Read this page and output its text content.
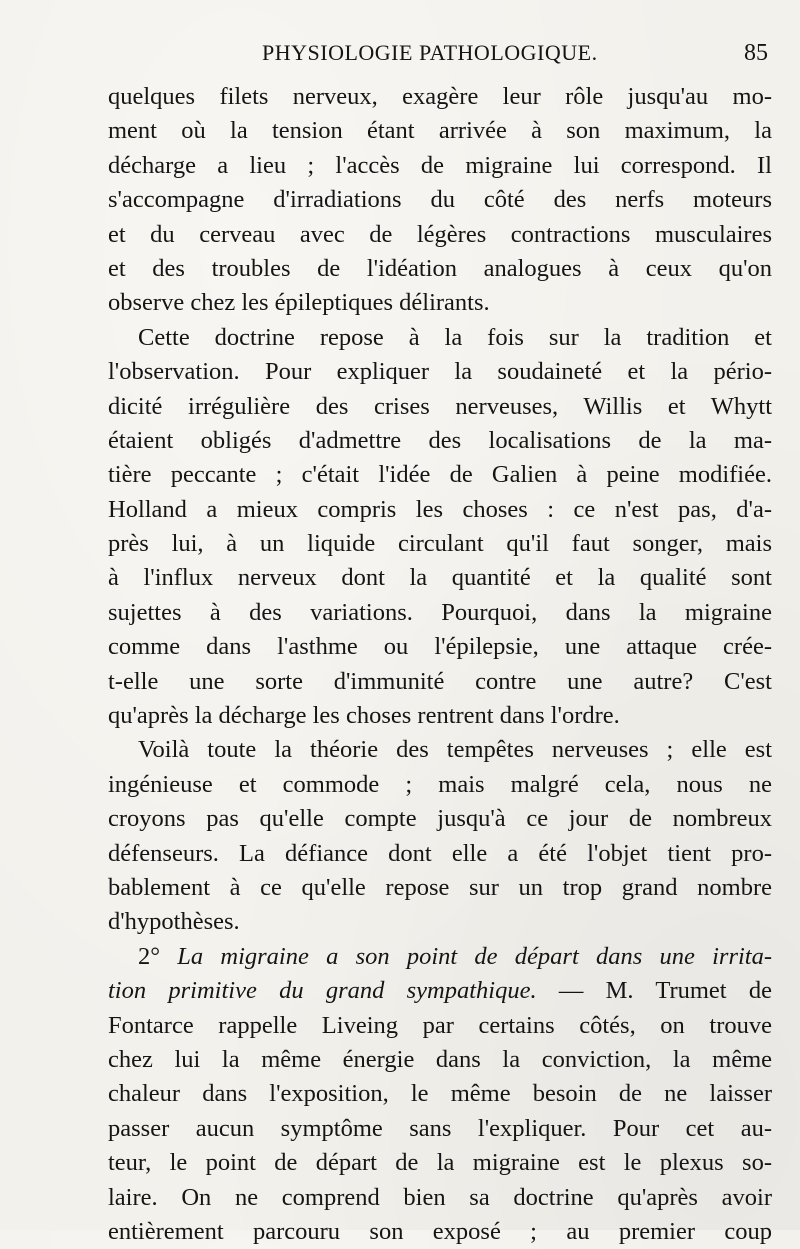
PHYSIOLOGIE PATHOLOGIQUE.	85
quelques filets nerveux, exagère leur rôle jusqu'au mo-
ment où la tension étant arrivée à son maximum, la
décharge a lieu ; l'accès de migraine lui correspond. Il
s'accompagne d'irradiations du côté des nerfs moteurs
et du cerveau avec de légères contractions musculaires
et des troubles de l'idéation analogues à ceux qu'on
observe chez les épileptiques délirants.
Cette doctrine repose à la fois sur la tradition et
l'observation. Pour expliquer la soudaineté et la pério-
dicité irrégulière des crises nerveuses, Willis et Whytt
étaient obligés d'admettre des localisations de la ma-
tière peccante ; c'était l'idée de Galien à peine modifiée.
Holland a mieux compris les choses : ce n'est pas, d'a-
près lui, à un liquide circulant qu'il faut songer, mais
à l'influx nerveux dont la quantité et la qualité sont
sujettes à des variations. Pourquoi, dans la migraine
comme dans l'asthme ou l'épilepsie, une attaque crée-
t-elle une sorte d'immunité contre une autre? C'est
qu'après la décharge les choses rentrent dans l'ordre.
Voilà toute la théorie des tempêtes nerveuses ; elle est
ingénieuse et commode ; mais malgré cela, nous ne
croyons pas qu'elle compte jusqu'à ce jour de nombreux
défenseurs. La défiance dont elle a été l'objet tient pro-
bablement à ce qu'elle repose sur un trop grand nombre
d'hypothèses.
2° La migraine a son point de départ dans une irrita-
tion primitive du grand sympathique. — M. Trumet de
Fontarce rappelle Liveing par certains côtés, on trouve
chez lui la même énergie dans la conviction, la même
chaleur dans l'exposition, le même besoin de ne laisser
passer aucun symptôme sans l'expliquer. Pour cet au-
teur, le point de départ de la migraine est le plexus so-
laire. On ne comprend bien sa doctrine qu'après avoir
entièrement parcouru son exposé ; au premier coup
